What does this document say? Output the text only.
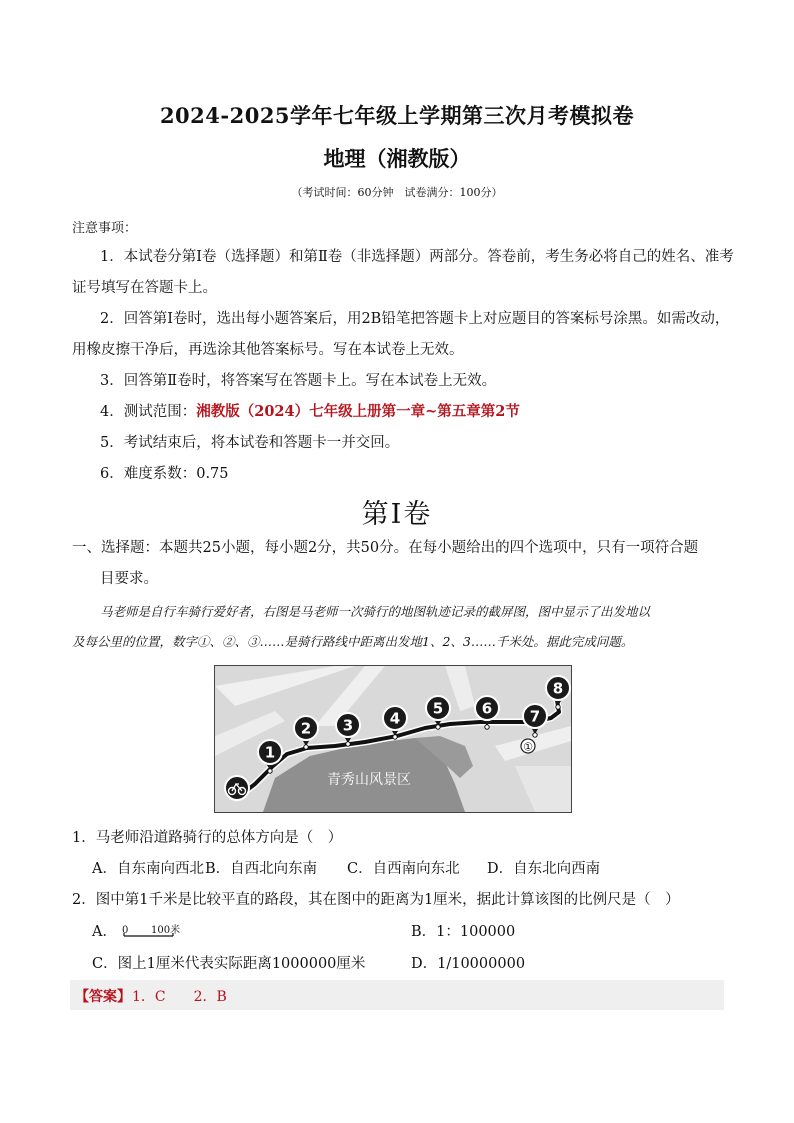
2024-2025学年七年级上学期第三次月考模拟卷
地理（湘教版）
（考试时间：60分钟　试卷满分：100分）
注意事项：
1．本试卷分第Ⅰ卷（选择题）和第Ⅱ卷（非选择题）两部分。答卷前，考生务必将自己的姓名、准考
证号填写在答题卡上。
2．回答第Ⅰ卷时，选出每小题答案后，用2B铅笔把答题卡上对应题目的答案标号涂黑。如需改动，
用橡皮擦干净后，再选涂其他答案标号。写在本试卷上无效。
3．回答第Ⅱ卷时，将答案写在答题卡上。写在本试卷上无效。
4．测试范围：湘教版（2024）七年级上册第一章~第五章第2节
5．考试结束后，将本试卷和答题卡一并交回。
6．难度系数：0.75
第Ⅰ卷
一、选择题：本题共25小题，每小题2分，共50分。在每小题给出的四个选项中，只有一项符合题
目要求。
马老师是自行车骑行爱好者，右图是马老师一次骑行的地图轨迹记录的截屏图，图中显示了出发地以
及每公里的位置，数字①、②、③……是骑行路线中距离出发地1、2、3……千米处。据此完成问题。
青秀山风景区
1
2 3 4
5	6	7
8
①
1．马老师沿道路骑行的总体方向是（　）
A．自东南向西北 B．自西北向东南 C．自西南向东北 D．自东北向西南
2．图中第1千米是比较平直的路段，其在图中的距离为1厘米，据此计算该图的比例尺是（　）
A． 0 100米	B．1：100000
C．图上1厘米代表实际距离1000000厘米	D．1/10000000
【答案】 1．C　　2．B
